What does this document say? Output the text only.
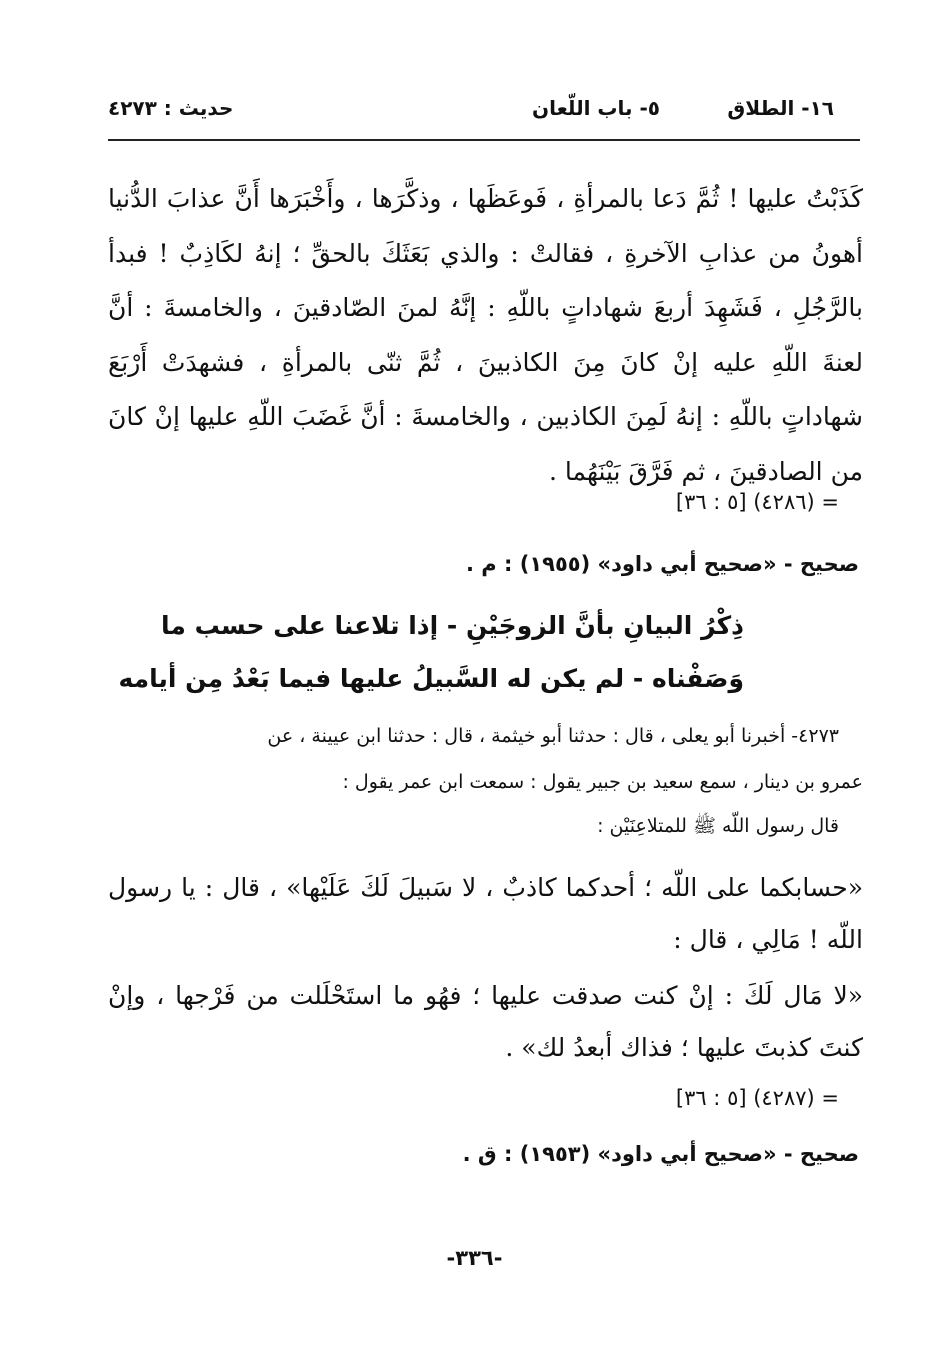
١٦- الطلاق
٥- باب اللّعان
حديث : ٤٢٧٣
كَذَبْتُ عليها ! ثُمَّ دَعا بالمرأةِ ، فَوعَظَها ، وذكَّرَها ، وأَخْبَرَها أَنَّ عذابَ الدُّنيا أهونُ من عذابِ الآخرةِ ، فقالتْ : والذي بَعَثَكَ بالحقِّ ؛ إنهُ لكَاذِبٌ ! فبدأ بالرَّجُلِ ، فَشَهِدَ أربعَ شهاداتٍ باللّهِ : إنَّهُ لمنَ الصّادقينَ ، والخامسةَ : أنَّ لعنةَ اللّهِ عليه إنْ كانَ مِنَ الكاذبينَ ، ثُمَّ ثنّى بالمرأةِ ، فشهدَتْ أَرْبَعَ شهاداتٍ باللّهِ : إنهُ لَمِنَ الكاذبين ، والخامسةَ : أنَّ غَضَبَ اللّهِ عليها إنْ كانَ من الصادقينَ ، ثم فَرَّقَ بَيْنَهُما .
= (٤٢٨٦) [٥ : ٣٦]
صحيح - «صحيح أبي داود» (١٩٥٥) : م .
ذِكْرُ البيانِ بأنَّ الزوجَيْنِ - إذا تلاعنا على حسب ما
وَصَفْناه - لم يكن له السَّبيلُ عليها فيما بَعْدُ مِن أيامه
٤٢٧٣- أخبرنا أبو يعلى ، قال : حدثنا أبو خيثمة ، قال : حدثنا ابن عيينة ، عن
عمرو بن دينار ، سمع سعيد بن جبير يقول : سمعت ابن عمر يقول :
قال رسول اللّه ﷺ للمتلاعِنَيْن :
«حسابكما على اللّه ؛ أحدكما كاذبٌ ، لا سَبيلَ لَكَ عَلَيْها» ، قال : يا رسول اللّه ! مَالِي ، قال :
«لا مَال لَكَ : إنْ كنت صدقت عليها ؛ فهُو ما استَحْلَلت من فَرْجها ، وإنْ كنتَ كذبتَ عليها ؛ فذاك أبعدُ لك» .
= (٤٢٨٧) [٥ : ٣٦]
صحيح - «صحيح أبي داود» (١٩٥٣) : ق .
-٣٣٦-
